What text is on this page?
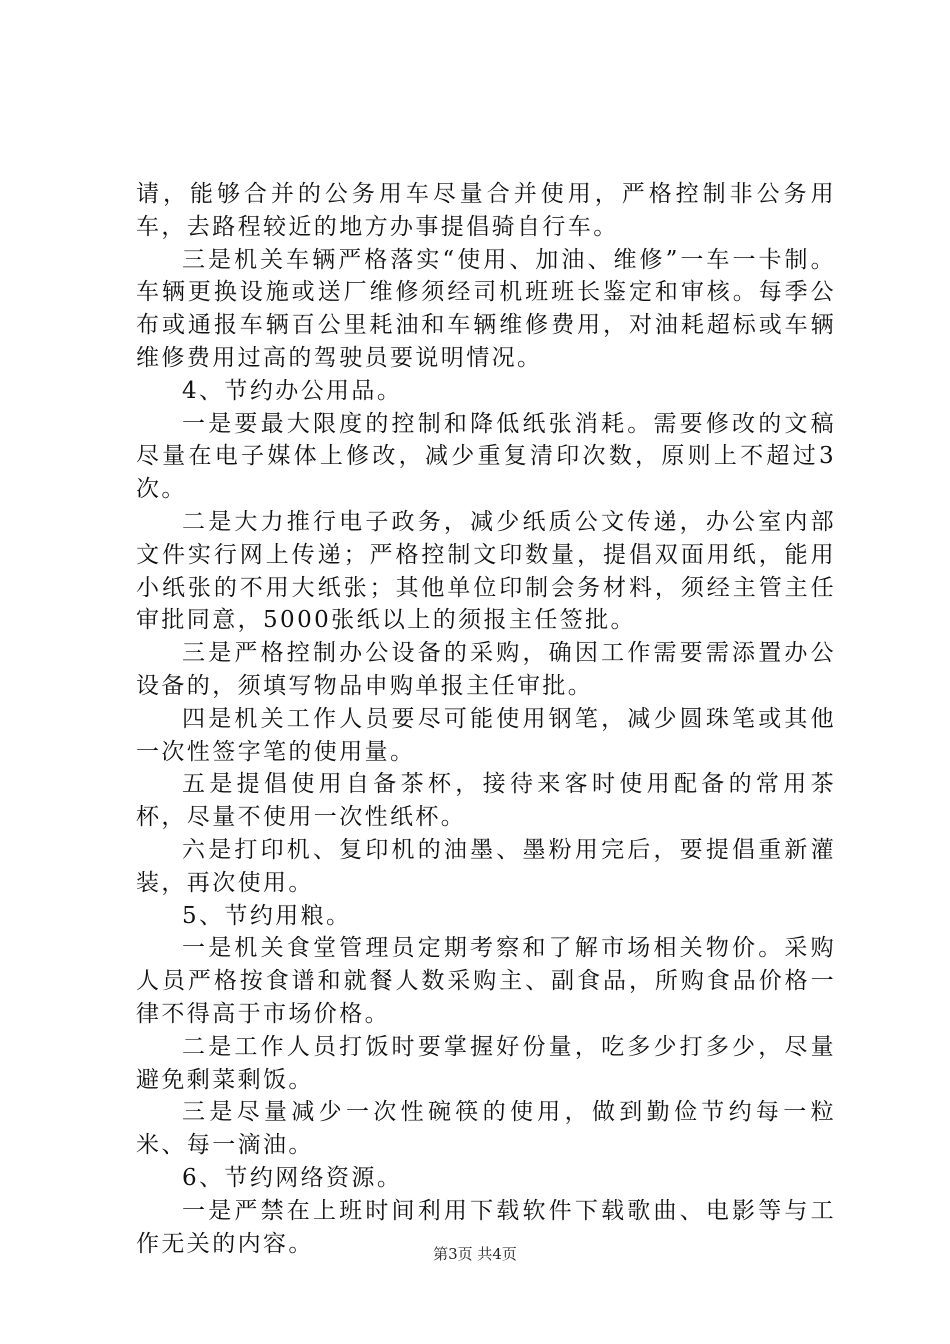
请，能够合并的公务用车尽量合并使用，严格控制非公务用车，去路程较近的地方办事提倡骑自行车。

三是机关车辆严格落实“使用、加油、维修”一车一卡制。车辆更换设施或送厂维修须经司机班班长鉴定和审核。每季公布或通报车辆百公里耗油和车辆维修费用，对油耗超标或车辆维修费用过高的驾驶员要说明情况。

4、节约办公用品。

一是要最大限度的控制和降低纸张消耗。需要修改的文稿尽量在电子媒体上修改，减少重复清印次数，原则上不超过3次。

二是大力推行电子政务，减少纸质公文传递，办公室内部文件实行网上传递；严格控制文印数量，提倡双面用纸，能用小纸张的不用大纸张；其他单位印制会务材料，须经主管主任审批同意，5000张纸以上的须报主任签批。

三是严格控制办公设备的采购，确因工作需要需添置办公设备的，须填写物品申购单报主任审批。

四是机关工作人员要尽可能使用钢笔，减少圆珠笔或其他一次性签字笔的使用量。

五是提倡使用自备茶杯，接待来客时使用配备的常用茶杯，尽量不使用一次性纸杯。

六是打印机、复印机的油墨、墨粉用完后，要提倡重新灌装，再次使用。

5、节约用粮。

一是机关食堂管理员定期考察和了解市场相关物价。采购人员严格按食谱和就餐人数采购主、副食品，所购食品价格一律不得高于市场价格。

二是工作人员打饭时要掌握好份量，吃多少打多少，尽量避免剩菜剩饭。

三是尽量减少一次性碗筷的使用，做到勤俭节约每一粒米、每一滴油。

6、节约网络资源。

一是严禁在上班时间利用下载软件下载歌曲、电影等与工作无关的内容。	第3页 共4页
